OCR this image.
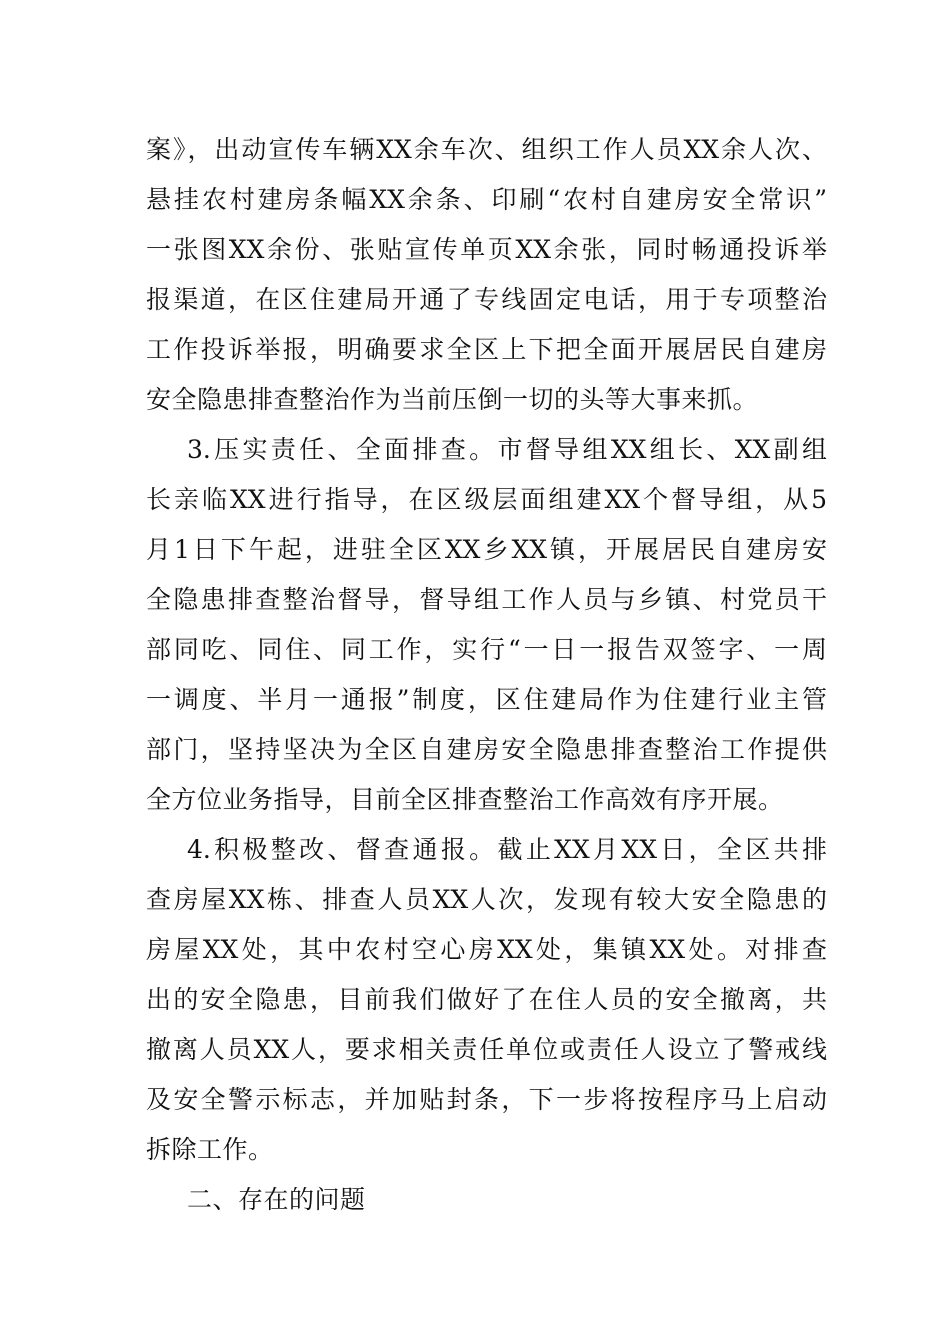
案》，出动宣传车辆XX余车次、组织工作人员XX余人次、
悬挂农村建房条幅XX余条、印刷“农村自建房安全常识”
一张图XX余份、张贴宣传单页XX余张，同时畅通投诉举
报渠道，在区住建局开通了专线固定电话，用于专项整治
工作投诉举报，明确要求全区上下把全面开展居民自建房
安全隐患排查整治作为当前压倒一切的头等大事来抓。
3.压实责任、全面排查。市督导组XX组长、XX副组
长亲临XX进行指导，在区级层面组建XX个督导组，从5
月1日下午起，进驻全区XX乡XX镇，开展居民自建房安
全隐患排查整治督导，督导组工作人员与乡镇、村党员干
部同吃、同住、同工作，实行“一日一报告双签字、一周
一调度、半月一通报”制度，区住建局作为住建行业主管
部门，坚持坚决为全区自建房安全隐患排查整治工作提供
全方位业务指导，目前全区排查整治工作高效有序开展。
4.积极整改、督查通报。截止XX月XX日，全区共排
查房屋XX栋、排查人员XX人次，发现有较大安全隐患的
房屋XX处，其中农村空心房XX处，集镇XX处。对排查
出的安全隐患，目前我们做好了在住人员的安全撤离，共
撤离人员XX人，要求相关责任单位或责任人设立了警戒线
及安全警示标志，并加贴封条，下一步将按程序马上启动
拆除工作。
二、存在的问题
